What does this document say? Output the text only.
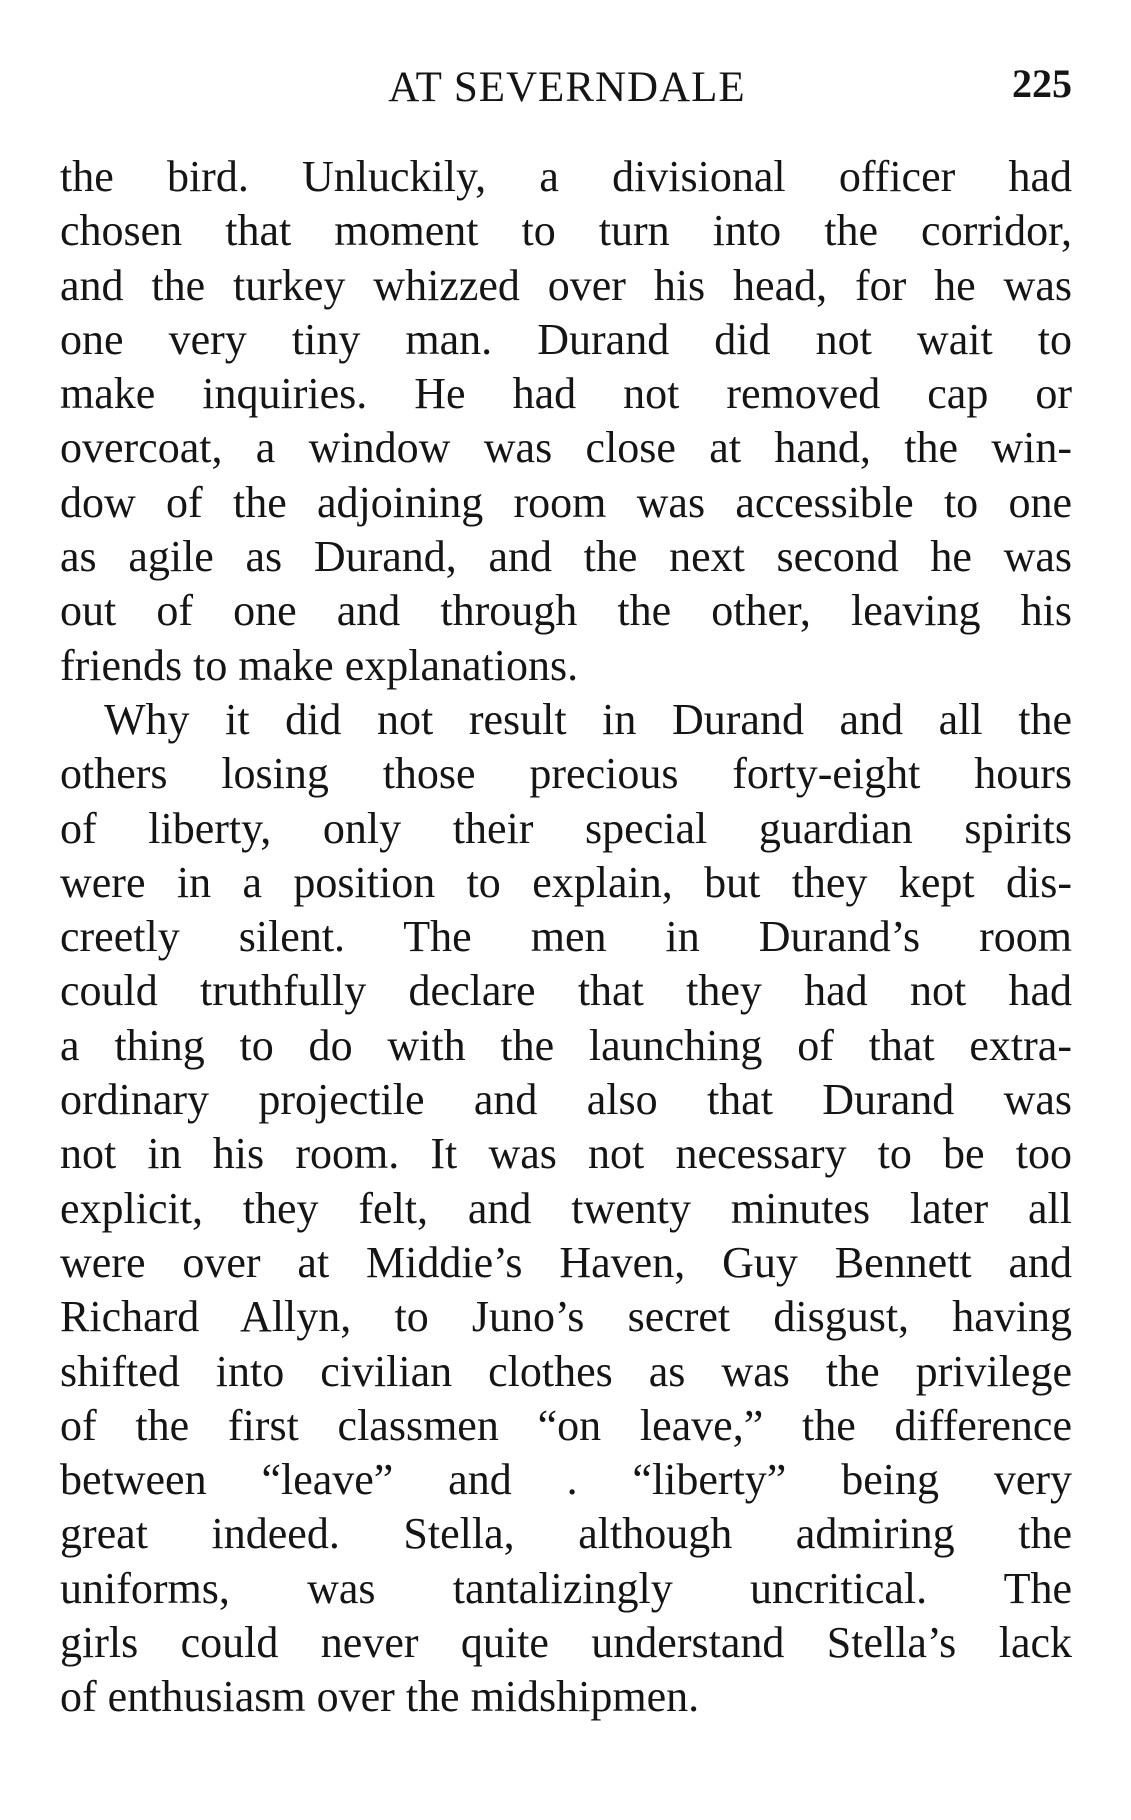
AT SEVERNDALE	225
the bird. Unluckily, a divisional officer had
chosen that moment to turn into the corridor,
and the turkey whizzed over his head, for he was
one very tiny man. Durand did not wait to
make inquiries. He had not removed cap or
overcoat, a window was close at hand, the win-
dow of the adjoining room was accessible to one
as agile as Durand, and the next second he was
out of one and through the other, leaving his
friends to make explanations.
Why it did not result in Durand and all the
others losing those precious forty-eight hours
of liberty, only their special guardian spirits
were in a position to explain, but they kept dis-
creetly silent. The men in Durand’s room
could truthfully declare that they had not had
a thing to do with the launching of that extra-
ordinary projectile and also that Durand was
not in his room. It was not necessary to be too
explicit, they felt, and twenty minutes later all
were over at Middie’s Haven, Guy Bennett and
Richard Allyn, to Juno’s secret disgust, having
shifted into civilian clothes as was the privilege
of the first classmen “on leave,” the difference
between “leave” and . “liberty” being very
great indeed. Stella, although admiring the
uniforms, was tantalizingly uncritical. The
girls could never quite understand Stella’s lack
of enthusiasm over the midshipmen.
